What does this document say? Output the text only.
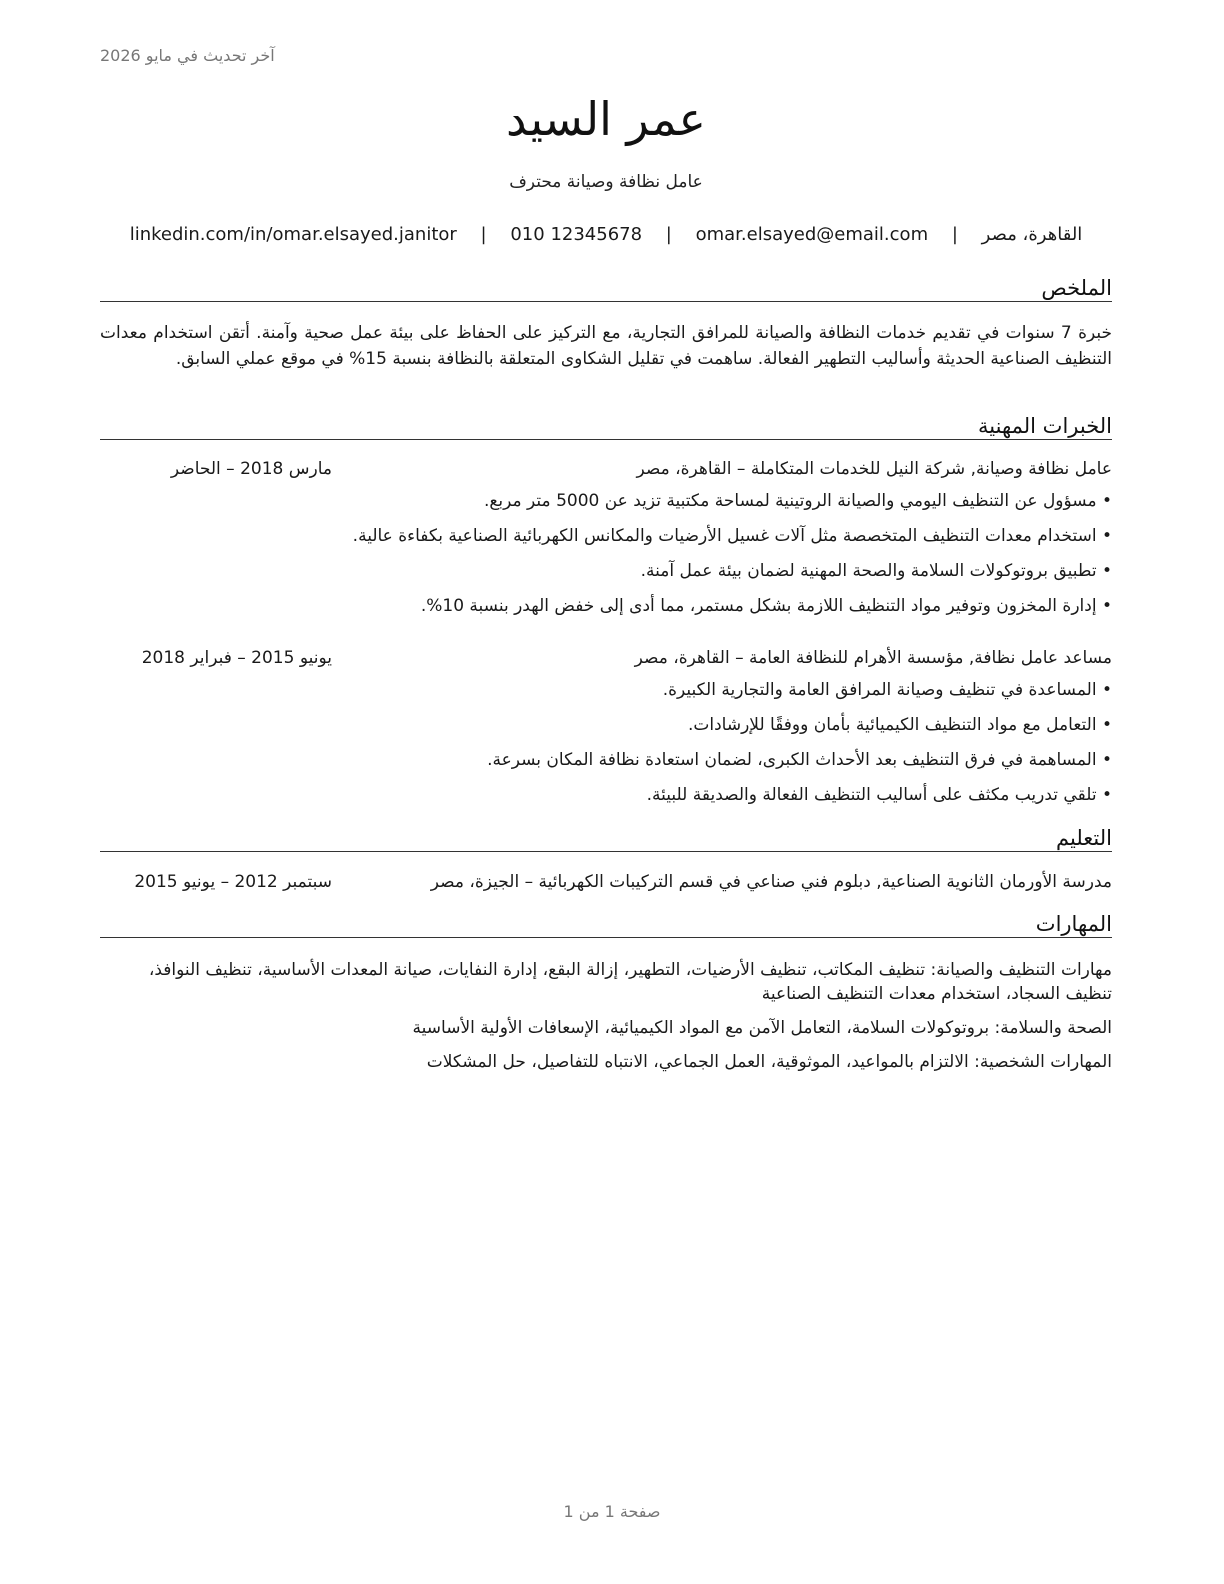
آخر تحديث في مايو 2026
عمر السيد
عامل نظافة وصيانة محترف
القاهرة، مصر | omar.elsayed@email.com | 010 12345678 | linkedin.com/in/omar.elsayed.janitor
الملخص
خبرة 7 سنوات في تقديم خدمات النظافة والصيانة للمرافق التجارية، مع التركيز على الحفاظ على بيئة عمل صحية وآمنة. أتقن استخدام معدات التنظيف الصناعية الحديثة وأساليب التطهير الفعالة. ساهمت في تقليل الشكاوى المتعلقة بالنظافة بنسبة 15% في موقع عملي السابق.
الخبرات المهنية
عامل نظافة وصيانة, شركة النيل للخدمات المتكاملة – القاهرة، مصر
مارس 2018 – الحاضر
• مسؤول عن التنظيف اليومي والصيانة الروتينية لمساحة مكتبية تزيد عن 5000 متر مربع.
• استخدام معدات التنظيف المتخصصة مثل آلات غسيل الأرضيات والمكانس الكهربائية الصناعية بكفاءة عالية.
• تطبيق بروتوكولات السلامة والصحة المهنية لضمان بيئة عمل آمنة.
• إدارة المخزون وتوفير مواد التنظيف اللازمة بشكل مستمر، مما أدى إلى خفض الهدر بنسبة 10%.
مساعد عامل نظافة, مؤسسة الأهرام للنظافة العامة – القاهرة، مصر
يونيو 2015 – فبراير 2018
• المساعدة في تنظيف وصيانة المرافق العامة والتجارية الكبيرة.
• التعامل مع مواد التنظيف الكيميائية بأمان ووفقًا للإرشادات.
• المساهمة في فرق التنظيف بعد الأحداث الكبرى، لضمان استعادة نظافة المكان بسرعة.
• تلقي تدريب مكثف على أساليب التنظيف الفعالة والصديقة للبيئة.
التعليم
مدرسة الأورمان الثانوية الصناعية, دبلوم فني صناعي في قسم التركيبات الكهربائية – الجيزة، مصر
سبتمبر 2012 – يونيو 2015
المهارات
مهارات التنظيف والصيانة: تنظيف المكاتب، تنظيف الأرضيات، التطهير، إزالة البقع، إدارة النفايات، صيانة المعدات الأساسية، تنظيف النوافذ، تنظيف السجاد، استخدام معدات التنظيف الصناعية
الصحة والسلامة: بروتوكولات السلامة، التعامل الآمن مع المواد الكيميائية، الإسعافات الأولية الأساسية
المهارات الشخصية: الالتزام بالمواعيد، الموثوقية، العمل الجماعي، الانتباه للتفاصيل، حل المشكلات
صفحة 1 من 1
